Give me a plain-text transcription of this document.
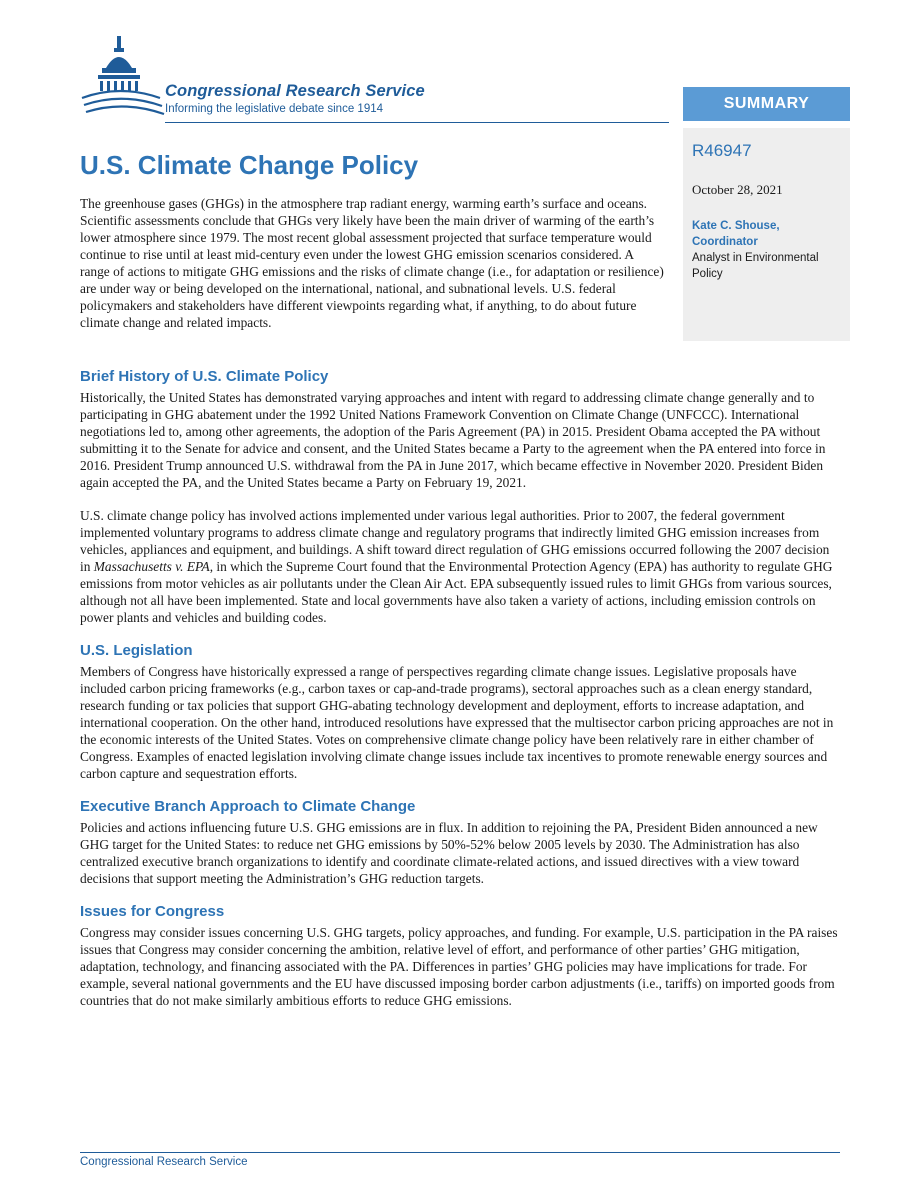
Congressional Research Service
Informing the legislative debate since 1914	SUMMARY
R46947
October 28, 2021
Kate C. Shouse, Coordinator
Analyst in Environmental Policy
U.S. Climate Change Policy

The greenhouse gases (GHGs) in the atmosphere trap radiant energy, warming earth’s surface and oceans. Scientific assessments conclude that GHGs very likely have been the main driver of warming of the earth’s lower atmosphere since 1979. The most recent global assessment projected that surface temperature would continue to rise until at least mid-century even under the lowest GHG emission scenarios considered. A range of actions to mitigate GHG emissions and the risks of climate change (i.e., for adaptation or resilience) are under way or being developed on the international, national, and subnational levels. U.S. federal policymakers and stakeholders have different viewpoints regarding what, if anything, to do about future climate change and related impacts.

Brief History of U.S. Climate Policy

Historically, the United States has demonstrated varying approaches and intent with regard to addressing climate change generally and to participating in GHG abatement under the 1992 United Nations Framework Convention on Climate Change (UNFCCC). International negotiations led to, among other agreements, the adoption of the Paris Agreement (PA) in 2015. President Obama accepted the PA without submitting it to the Senate for advice and consent, and the United States became a Party to the agreement when the PA entered into force in 2016. President Trump announced U.S. withdrawal from the PA in June 2017, which became effective in November 2020. President Biden again accepted the PA, and the United States became a Party on February 19, 2021.

U.S. climate change policy has involved actions implemented under various legal authorities. Prior to 2007, the federal government implemented voluntary programs to address climate change and regulatory programs that indirectly limited GHG emission increases from vehicles, appliances and equipment, and buildings. A shift toward direct regulation of GHG emissions occurred following the 2007 decision in Massachusetts v. EPA, in which the Supreme Court found that the Environmental Protection Agency (EPA) has authority to regulate GHG emissions from motor vehicles as air pollutants under the Clean Air Act. EPA subsequently issued rules to limit GHGs from various sources, although not all have been implemented. State and local governments have also taken a variety of actions, including emission controls on power plants and vehicles and building codes.

U.S. Legislation

Members of Congress have historically expressed a range of perspectives regarding climate change issues. Legislative proposals have included carbon pricing frameworks (e.g., carbon taxes or cap-and-trade programs), sectoral approaches such as a clean energy standard, research funding or tax policies that support GHG-abating technology development and deployment, efforts to increase adaptation, and international cooperation. On the other hand, introduced resolutions have expressed that the multisector carbon pricing approaches are not in the economic interests of the United States. Votes on comprehensive climate change policy have been relatively rare in either chamber of Congress. Examples of enacted legislation involving climate change issues include tax incentives to promote renewable energy sources and carbon capture and sequestration efforts.

Executive Branch Approach to Climate Change

Policies and actions influencing future U.S. GHG emissions are in flux. In addition to rejoining the PA, President Biden announced a new GHG target for the United States: to reduce net GHG emissions by 50%-52% below 2005 levels by 2030. The Administration has also centralized executive branch organizations to identify and coordinate climate-related actions, and issued directives with a view toward decisions that support meeting the Administration’s GHG reduction targets.

Issues for Congress

Congress may consider issues concerning U.S. GHG targets, policy approaches, and funding. For example, U.S. participation in the PA raises issues that Congress may consider concerning the ambition, relative level of effort, and performance of other parties’ GHG mitigation, adaptation, technology, and financing associated with the PA. Differences in parties’ GHG policies may have implications for trade. For example, several national governments and the EU have discussed imposing border carbon adjustments (i.e., tariffs) on imported goods from countries that do not make similarly ambitious efforts to reduce GHG emissions.

Congressional Research Service
